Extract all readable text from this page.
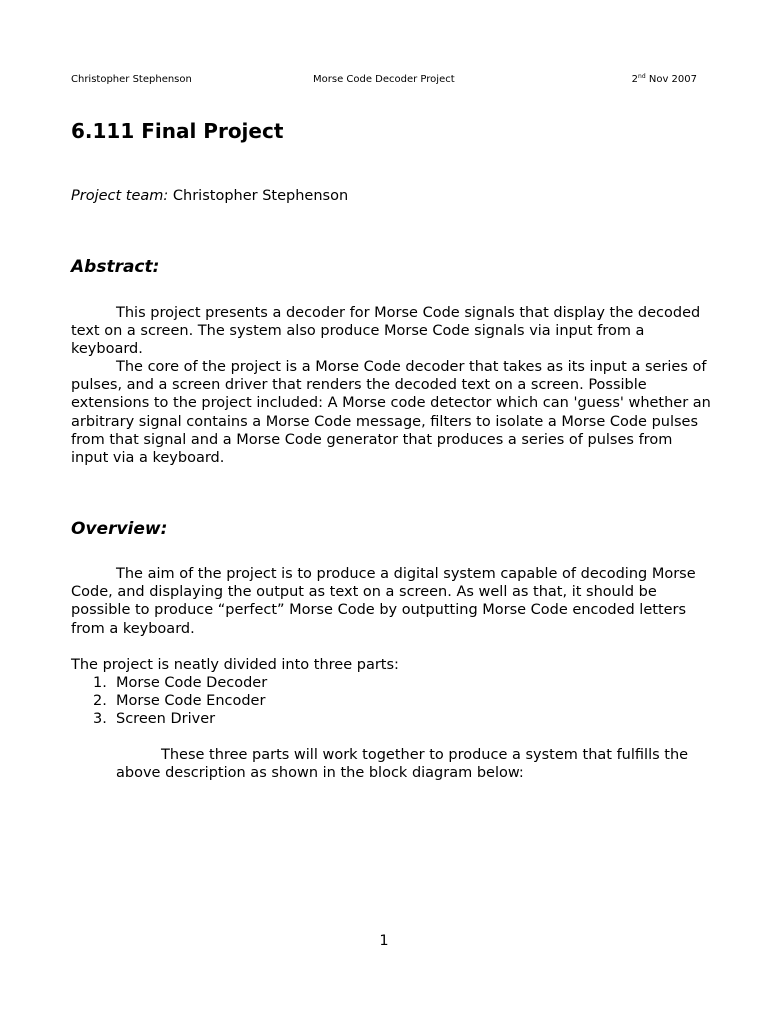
Christopher Stephenson	Morse Code Decoder Project	2nd Nov 2007
6.111 Final Project

Project team: Christopher Stephenson

Abstract:

This project presents a decoder for Morse Code signals that display the decoded text on a screen. The system also produce Morse Code signals via input from a keyboard.

The core of the project is a Morse Code decoder that takes as its input a series of pulses, and a screen driver that renders the decoded text on a screen. Possible extensions to the project included: A Morse code detector which can 'guess' whether an arbitrary signal contains a Morse Code message, filters to isolate a Morse Code pulses from that signal and a Morse Code generator that produces a series of pulses from input via a keyboard.

Overview:

The aim of the project is to produce a digital system capable of decoding Morse Code, and displaying the output as text on a screen. As well as that, it should be possible to produce “perfect” Morse Code by outputting Morse Code encoded letters from a keyboard.

The project is neatly divided into three parts:

1. Morse Code Decoder
2. Morse Code Encoder
3. Screen Driver

These three parts will work together to produce a system that fulfills the above description as shown in the block diagram below:

1
